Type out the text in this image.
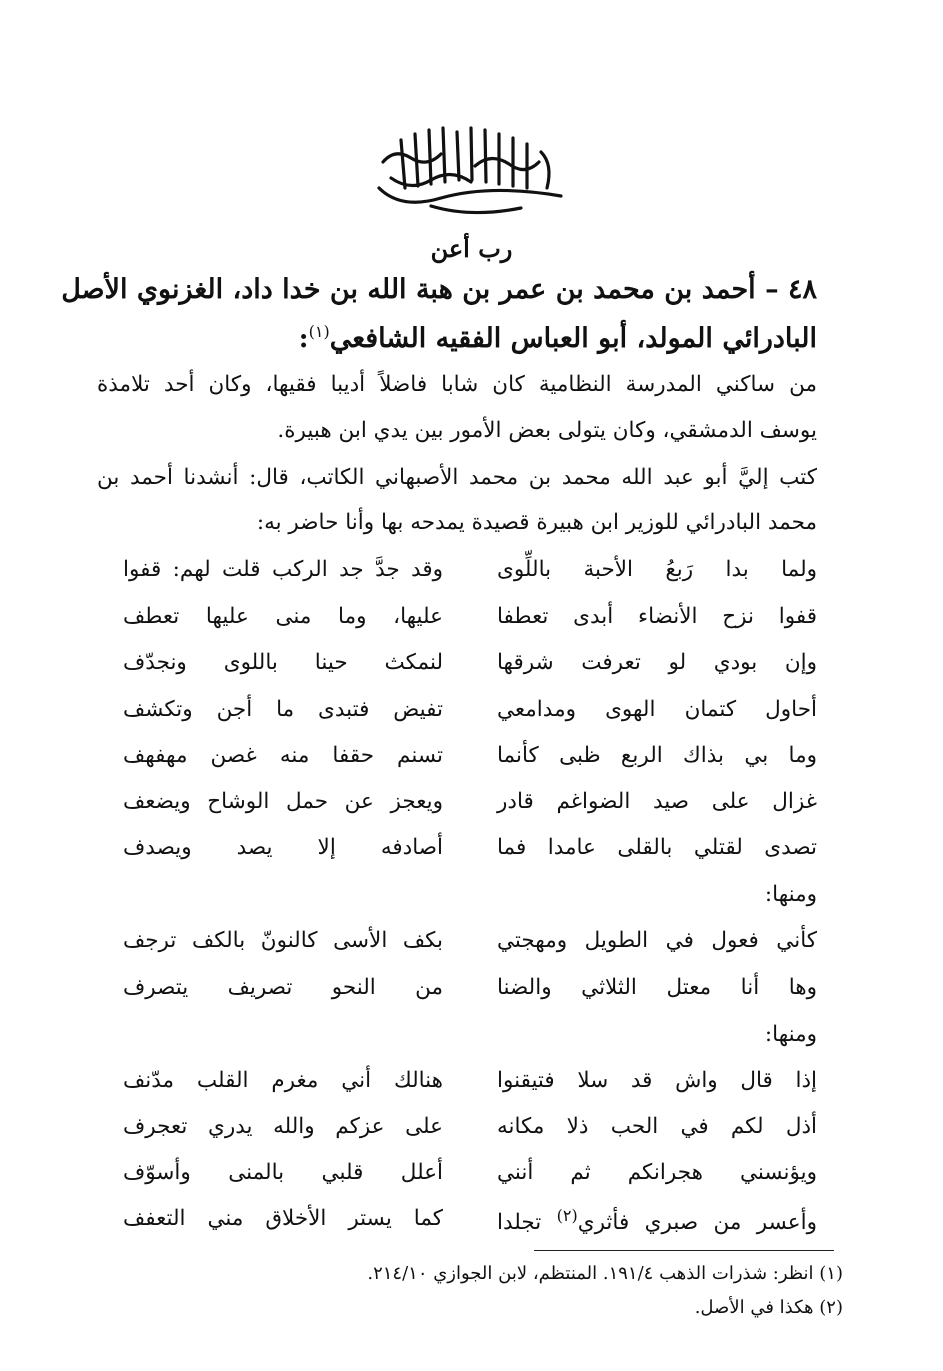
بسم الله الرحمن الرحيم
رب أعن
٤٨ – أحمد بن محمد بن عمر بن هبة الله بن خدا داد، الغزنوي الأصل
البادرائي المولد، أبو العباس الفقيه الشافعي$^{(١)}$:
من ساكني المدرسة النظامية كان شابا فاضلاً أديبا فقيها، وكان أحد تلامذة
يوسف الدمشقي، وكان يتولى بعض الأمور بين يدي ابن هبيرة.
كتب إليَّ أبو عبد الله محمد بن محمد الأصبهاني الكاتب، قال: أنشدنا أحمد بن
محمد البادرائي للوزير ابن هبيرة قصيدة يمدحه بها وأنا حاضر به:
ولما بدا رَبعُ الأحبة باللِّوى
وقد جدَّ جد الركب قلت لهم: قفوا
قفوا نزح الأنضاء أبدى تعطفا
عليها، وما منى عليها تعطف
وإن بودي لو تعرفت شرقها
لنمكث حينا باللوى ونجدّف
أحاول كتمان الهوى ومدامعي
تفيض فتبدى ما أجن وتكشف
وما بي بذاك الربع ظبى كأنما
تسنم حقفا منه غصن مهفهف
غزال على صيد الضواغم قادر
ويعجز عن حمل الوشاح ويضعف
تصدى لقتلي بالقلى عامدا فما
أصادفه إلا يصد ويصدف
ومنها:
كأني فعول في الطويل ومهجتي
بكف الأسى كالنونّ بالكف ترجف
وها أنا معتل الثلاثي والضنا
من النحو تصريف يتصرف
ومنها:
إذا قال واش قد سلا فتيقنوا
هنالك أني مغرم القلب مدّنف
أذل لكم في الحب ذلا مكانه
على عزكم والله يدري تعجرف
ويؤنسني هجرانكم ثم أنني
أعلل قلبي بالمنى وأسوّف
وأعسر من صبري فأثري$^{(٢)}$ تجلدا
كما يستر الأخلاق مني التعفف
(١) انظر: شذرات الذهب ١٩١/٤. المنتظم، لابن الجوازي ٢١٤/١٠.
(٢) هكذا في الأصل.
